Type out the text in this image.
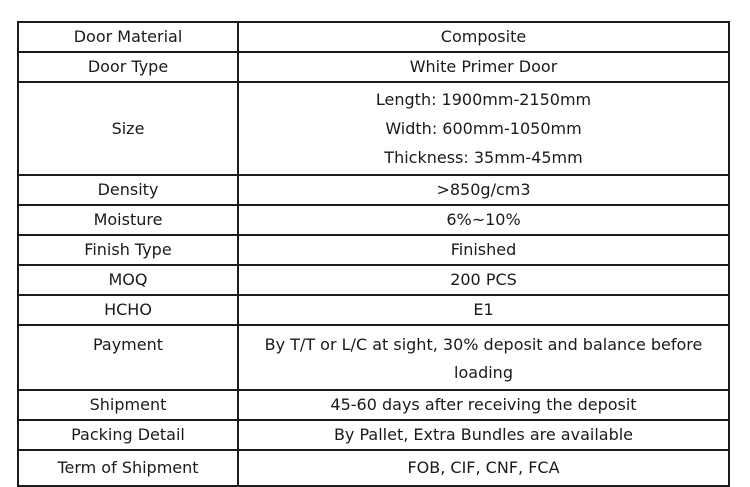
Door Material	Composite
Door Type	White Primer Door
Size	Length: 1900mm-2150mm
Width: 600mm-1050mm
Thickness: 35mm-45mm

Density	>850g/cm3
Moisture	6%~10%
Finish Type	Finished
MOQ	200 PCS
HCHO	E1
Payment	By T/T or L/C at sight, 30% deposit and balance before loading
Shipment	45-60 days after receiving the deposit
Packing Detail	By Pallet, Extra Bundles are available
Term of Shipment	FOB, CIF, CNF, FCA
